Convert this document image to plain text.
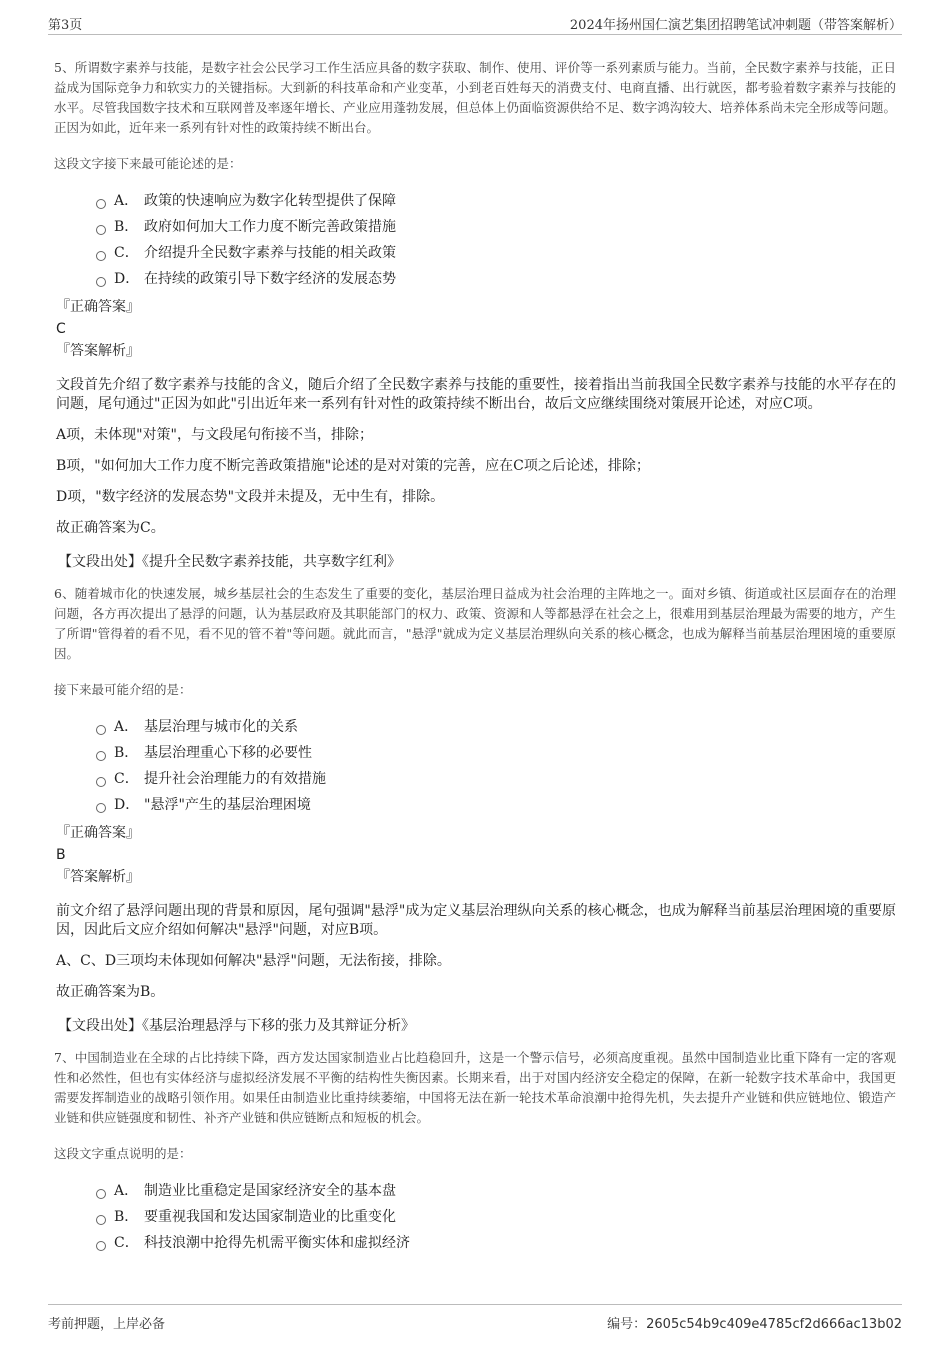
第3页	2024年扬州国仁演艺集团招聘笔试冲刺题（带答案解析）

5、所谓数字素养与技能，是数字社会公民学习工作生活应具备的数字获取、制作、使用、评价等一系列素质与能力。当前，全民数字素养与技能，正日益成为国际竞争力和软实力的关键指标。大到新的科技革命和产业变革，小到老百姓每天的消费支付、电商直播、出行就医，都考验着数字素养与技能的水平。尽管我国数字技术和互联网普及率逐年增长、产业应用蓬勃发展，但总体上仍面临资源供给不足、数字鸿沟较大、培养体系尚未完全形成等问题。正因为如此，近年来一系列有针对性的政策持续不断出台。

这段文字接下来最可能论述的是：

A． 政策的快速响应为数字化转型提供了保障
B． 政府如何加大工作力度不断完善政策措施
C． 介绍提升全民数字素养与技能的相关政策
D． 在持续的政策引导下数字经济的发展态势
『正确答案』
C
『答案解析』

文段首先介绍了数字素养与技能的含义，随后介绍了全民数字素养与技能的重要性，接着指出当前我国全民数字素养与技能的水平存在的问题，尾句通过"正因为如此"引出近年来一系列有针对性的政策持续不断出台，故后文应继续围绕对策展开论述，对应C项。

A项，未体现"对策"，与文段尾句衔接不当，排除；

B项，"如何加大工作力度不断完善政策措施"论述的是对对策的完善，应在C项之后论述，排除；

D项，"数字经济的发展态势"文段并未提及，无中生有，排除。

故正确答案为C。

【文段出处】《提升全民数字素养技能，共享数字红利》

6、随着城市化的快速发展，城乡基层社会的生态发生了重要的变化，基层治理日益成为社会治理的主阵地之一。面对乡镇、街道或社区层面存在的治理问题，各方再次提出了悬浮的问题，认为基层政府及其职能部门的权力、政策、资源和人等都悬浮在社会之上，很难用到基层治理最为需要的地方，产生了所谓"管得着的看不见，看不见的管不着"等问题。就此而言，"悬浮"就成为定义基层治理纵向关系的核心概念，也成为解释当前基层治理困境的重要原因。

接下来最可能介绍的是：

A． 基层治理与城市化的关系
B． 基层治理重心下移的必要性
C． 提升社会治理能力的有效措施
D． "悬浮"产生的基层治理困境
『正确答案』
B
『答案解析』

前文介绍了悬浮问题出现的背景和原因，尾句强调"悬浮"成为定义基层治理纵向关系的核心概念，也成为解释当前基层治理困境的重要原因，因此后文应介绍如何解决"悬浮"问题，对应B项。

A、C、D三项均未体现如何解决"悬浮"问题，无法衔接，排除。

故正确答案为B。

【文段出处】《基层治理悬浮与下移的张力及其辩证分析》

7、中国制造业在全球的占比持续下降，西方发达国家制造业占比趋稳回升，这是一个警示信号，必须高度重视。虽然中国制造业比重下降有一定的客观性和必然性，但也有实体经济与虚拟经济发展不平衡的结构性失衡因素。长期来看，出于对国内经济安全稳定的保障，在新一轮数字技术革命中，我国更需要发挥制造业的战略引领作用。如果任由制造业比重持续萎缩，中国将无法在新一轮技术革命浪潮中抢得先机，失去提升产业链和供应链地位、锻造产业链和供应链强度和韧性、补齐产业链和供应链断点和短板的机会。

这段文字重点说明的是：

A． 制造业比重稳定是国家经济安全的基本盘
B． 要重视我国和发达国家制造业的比重变化
C． 科技浪潮中抢得先机需平衡实体和虚拟经济
考前押题，上岸必备	编号：2605c54b9c409e4785cf2d666ac13b02
